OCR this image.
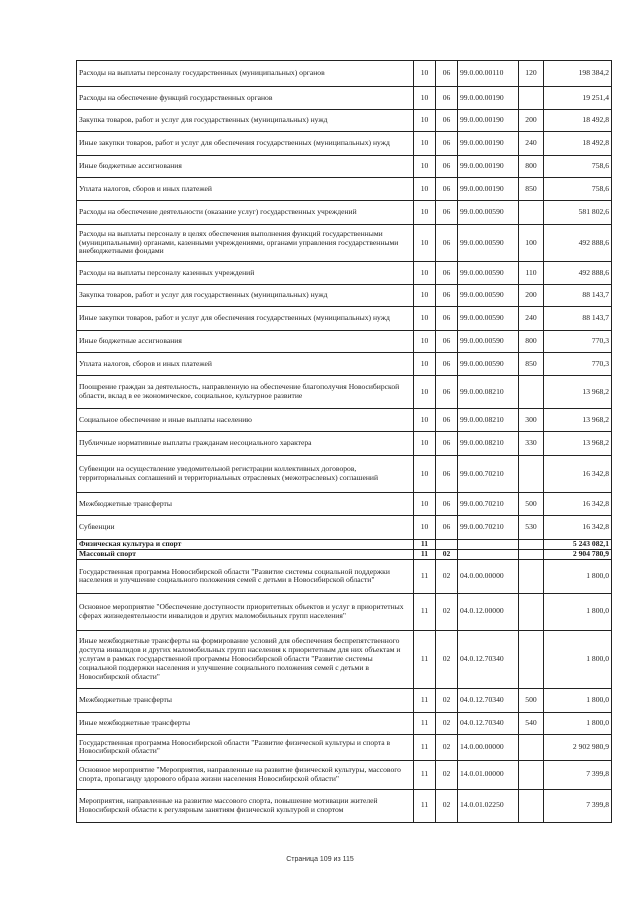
Расходы на выплаты персоналу государственных (муниципальных) органов	10	06	99.0.00.00110	120	198 384,2
Расходы на обеспечение функций государственных органов	10	06	99.0.00.00190		19 251,4
Закупка товаров, работ и услуг для государственных (муниципальных) нужд	10	06	99.0.00.00190	200	18 492,8
Иные закупки товаров, работ и услуг для обеспечения государственных (муниципальных) нужд	10	06	99.0.00.00190	240	18 492,8
Иные бюджетные ассигнования	10	06	99.0.00.00190	800	758,6
Уплата налогов, сборов и иных платежей	10	06	99.0.00.00190	850	758,6
Расходы на обеспечение деятельности (оказание услуг) государственных учреждений	10	06	99.0.00.00590		581 802,6
Расходы на выплаты персоналу в целях обеспечения выполнения функций государственными (муниципальными) органами, казенными учреждениями, органами управления государственными внебюджетными фондами	10	06	99.0.00.00590	100	492 888,6
Расходы на выплаты персоналу казенных учреждений	10	06	99.0.00.00590	110	492 888,6
Закупка товаров, работ и услуг для государственных (муниципальных) нужд	10	06	99.0.00.00590	200	88 143,7
Иные закупки товаров, работ и услуг для обеспечения государственных (муниципальных) нужд	10	06	99.0.00.00590	240	88 143,7
Иные бюджетные ассигнования	10	06	99.0.00.00590	800	770,3
Уплата налогов, сборов и иных платежей	10	06	99.0.00.00590	850	770,3
Поощрение граждан за деятельность, направленную на обеспечение благополучия Новосибирской области, вклад в ее экономическое, социальное, культурное развитие	10	06	99.0.00.08210		13 968,2
Социальное обеспечение и иные выплаты населению	10	06	99.0.00.08210	300	13 968,2
Публичные нормативные выплаты гражданам несоциального характера	10	06	99.0.00.08210	330	13 968,2
Субвенции на осуществление уведомительной регистрации коллективных договоров, территориальных соглашений и территориальных отраслевых (межотраслевых) соглашений	10	06	99.0.00.70210		16 342,8
Межбюджетные трансферты	10	06	99.0.00.70210	500	16 342,8
Субвенции	10	06	99.0.00.70210	530	16 342,8
Физическая культура и спорт	11				5 243 082,1
Массовый спорт	11	02			2 904 780,9
Государственная программа Новосибирской области "Развитие системы социальной поддержки населения и улучшение социального положения семей с детьми в Новосибирской области"	11	02	04.0.00.00000		1 800,0
Основное мероприятие "Обеспечение доступности приоритетных объектов и услуг в приоритетных сферах жизнедеятельности инвалидов и других маломобильных групп населения"	11	02	04.0.12.00000		1 800,0
Иные межбюджетные трансферты на формирование условий для обеспечения беспрепятственного доступа инвалидов и других маломобильных групп населения к приоритетным для них объектам и услугам в рамках государственной программы Новосибирской области "Развитие системы социальной поддержки населения и улучшение социального положения семей с детьми в Новосибирской области"	11	02	04.0.12.70340		1 800,0
Межбюджетные трансферты	11	02	04.0.12.70340	500	1 800,0
Иные межбюджетные трансферты	11	02	04.0.12.70340	540	1 800,0
Государственная программа Новосибирской области "Развитие физической культуры и спорта в Новосибирской области"	11	02	14.0.00.00000		2 902 980,9
Основное мероприятие "Мероприятия, направленные на развитие физической культуры, массового спорта, пропаганду здорового образа жизни населения Новосибирской области"	11	02	14.0.01.00000		7 399,8
Мероприятия, направленные на развитие массового спорта, повышение мотивации жителей Новосибирской области к регулярным занятиям физической культурой и спортом	11	02	14.0.01.02250		7 399,8
Страница 109 из 115
